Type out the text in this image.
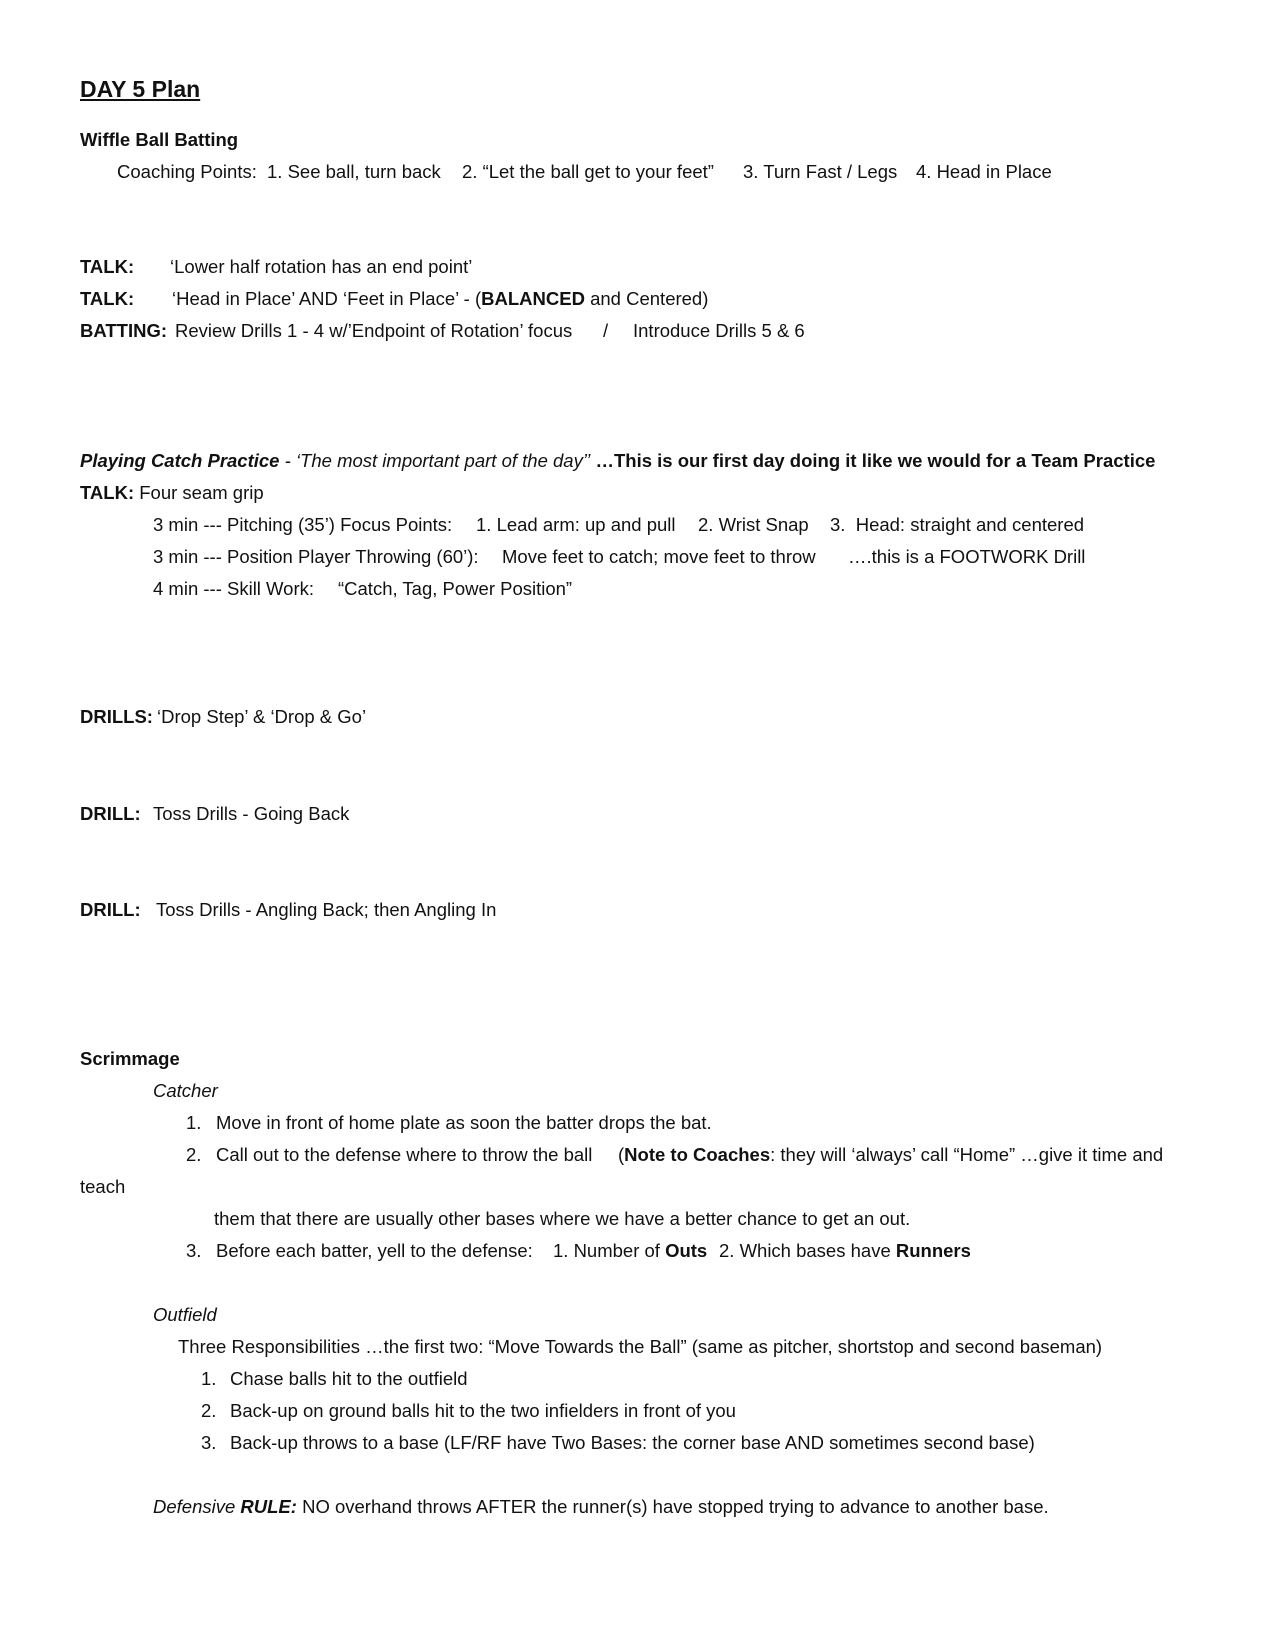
DAY 5 Plan
Wiffle Ball Batting
Coaching Points: 1. See ball, turn back 2. “Let the ball get to your feet” 3. Turn Fast / Legs 4. Head in Place
TALK: ‘Lower half rotation has an end point’
TALK: ‘Head in Place’ AND ‘Feet in Place’ - (BALANCED and Centered)
BATTING: Review Drills 1 - 4 w/’Endpoint of Rotation’ focus / Introduce Drills 5 & 6
Playing Catch Practice - ‘The most important part of the day’’ …This is our first day doing it like we would for a Team Practice
TALK: Four seam grip
3 min --- Pitching (35’) Focus Points: 1. Lead arm: up and pull 2. Wrist Snap 3.  Head: straight and centered
3 min --- Position Player Throwing (60’): Move feet to catch; move feet to throw ….this is a FOOTWORK Drill
4 min --- Skill Work: “Catch, Tag, Power Position”
DRILLS: ‘Drop Step’ & ‘Drop & Go’
DRILL: Toss Drills - Going Back
DRILL: Toss Drills - Angling Back; then Angling In
Scrimmage
Catcher
1. Move in front of home plate as soon the batter drops the bat.
2. Call out to the defense where to throw the ball (Note to Coaches: they will ‘always’ call “Home” …give it time and
teach
them that there are usually other bases where we have a better chance to get an out.
3. Before each batter, yell to the defense: 1. Number of Outs 2. Which bases have Runners
Outfield
Three Responsibilities …the first two: “Move Towards the Ball” (same as pitcher, shortstop and second baseman)
1. Chase balls hit to the outfield
2. Back-up on ground balls hit to the two infielders in front of you
3. Back-up throws to a base (LF/RF have Two Bases: the corner base AND sometimes second base)
Defensive RULE: NO overhand throws AFTER the runner(s) have stopped trying to advance to another base.
